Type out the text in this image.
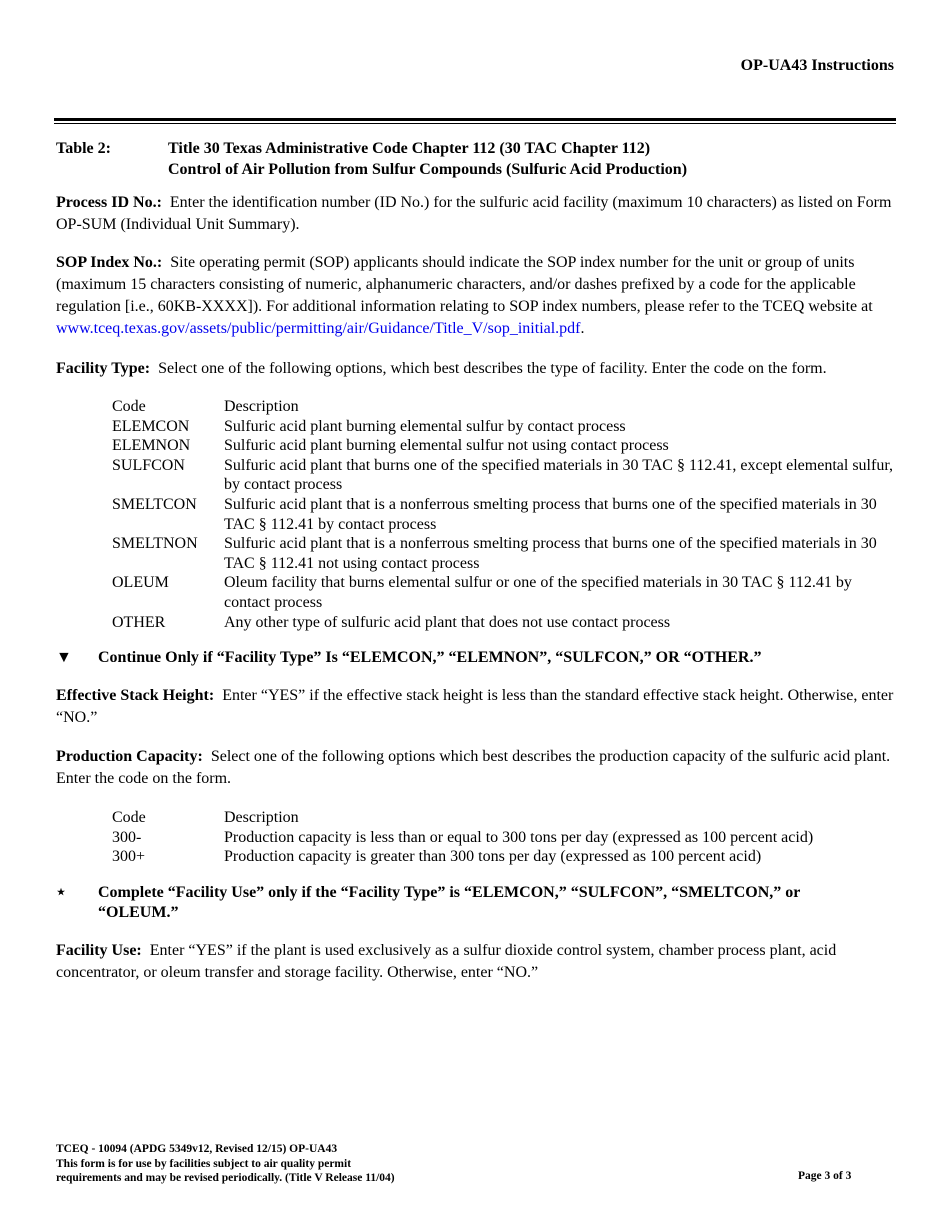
OP-UA43 Instructions
Table 2:	Title 30 Texas Administrative Code Chapter 112 (30 TAC Chapter 112)
Control of Air Pollution from Sulfur Compounds (Sulfuric Acid Production)
Process ID No.: Enter the identification number (ID No.) for the sulfuric acid facility (maximum 10 characters) as listed on Form OP-SUM (Individual Unit Summary).
SOP Index No.: Site operating permit (SOP) applicants should indicate the SOP index number for the unit or group of units (maximum 15 characters consisting of numeric, alphanumeric characters, and/or dashes prefixed by a code for the applicable regulation [i.e., 60KB-XXXX]). For additional information relating to SOP index numbers, please refer to the TCEQ website at www.tceq.texas.gov/assets/public/permitting/air/Guidance/Title_V/sop_initial.pdf.
Facility Type: Select one of the following options, which best describes the type of facility. Enter the code on the form.
Code	Description
ELEMCON	Sulfuric acid plant burning elemental sulfur by contact process
ELEMNON	Sulfuric acid plant burning elemental sulfur not using contact process
SULFCON	Sulfuric acid plant that burns one of the specified materials in 30 TAC § 112.41, except elemental sulfur, by contact process
SMELTCON	Sulfuric acid plant that is a nonferrous smelting process that burns one of the specified materials in 30 TAC § 112.41 by contact process
SMELTNON	Sulfuric acid plant that is a nonferrous smelting process that burns one of the specified materials in 30 TAC § 112.41 not using contact process
OLEUM	Oleum facility that burns elemental sulfur or one of the specified materials in 30 TAC § 112.41 by contact process
OTHER	Any other type of sulfuric acid plant that does not use contact process
▼	Continue Only if “Facility Type” Is “ELEMCON,” “ELEMNON”, “SULFCON,” OR “OTHER.”
Effective Stack Height: Enter “YES” if the effective stack height is less than the standard effective stack height. Otherwise, enter “NO.”
Production Capacity: Select one of the following options which best describes the production capacity of the sulfuric acid plant. Enter the code on the form.
Code	Description
300-	Production capacity is less than or equal to 300 tons per day (expressed as 100 percent acid)
300+	Production capacity is greater than 300 tons per day (expressed as 100 percent acid)
⋆	Complete “Facility Use” only if the “Facility Type” is “ELEMCON,” “SULFCON”, “SMELTCON,” or “OLEUM.”
Facility Use: Enter “YES” if the plant is used exclusively as a sulfur dioxide control system, chamber process plant, acid concentrator, or oleum transfer and storage facility. Otherwise, enter “NO.”
TCEQ - 10094 (APDG 5349v12, Revised 12/15) OP-UA43
This form is for use by facilities subject to air quality permit
requirements and may be revised periodically. (Title V Release 11/04)	Page 3 of 3
